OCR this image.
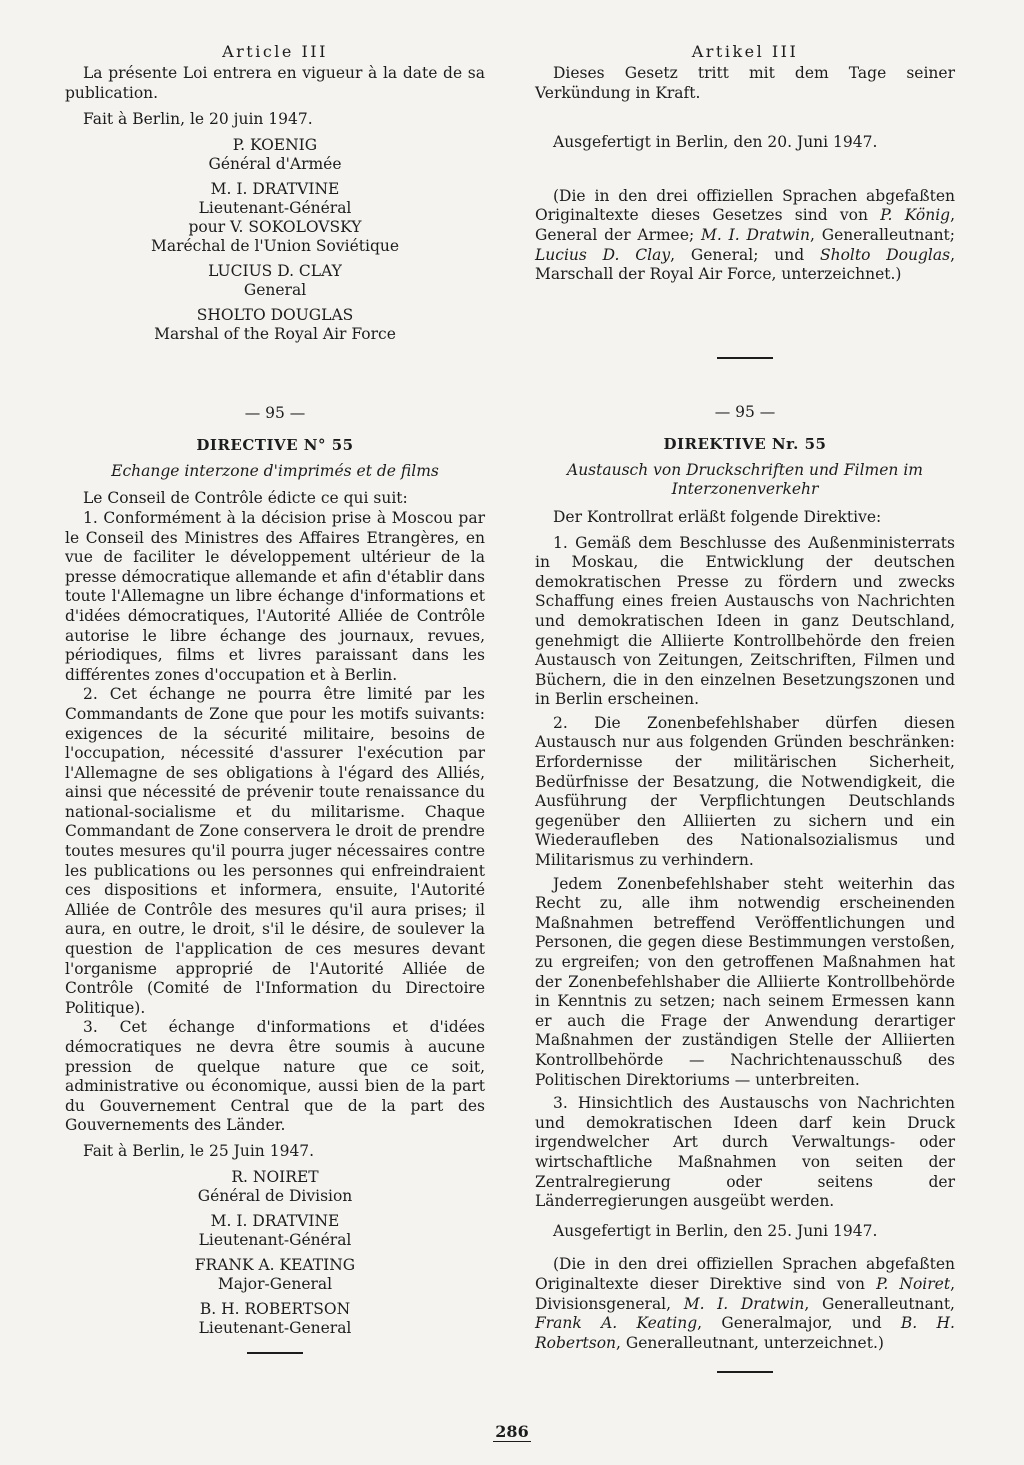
Article III

La présente Loi entrera en vigueur à la date de sa publication.

Fait à Berlin, le 20 juin 1947.

P. KOENIG
Général d'Armée
M. I. DRATVINE
Lieutenant-Général
pour V. SOKOLOVSKY
Maréchal de l'Union Soviétique
LUCIUS D. CLAY
General
SHOLTO DOUGLAS
Marshal of the Royal Air Force

— 95 —

DIRECTIVE N° 55

Echange interzone d'imprimés et de films

Le Conseil de Contrôle édicte ce qui suit:

1. Conformément à la décision prise à Moscou par le Conseil des Ministres des Affaires Etrangères, en vue de faciliter le développement ultérieur de la presse démocratique allemande et afin d'établir dans toute l'Allemagne un libre échange d'informations et d'idées démocratiques, l'Autorité Alliée de Contrôle autorise le libre échange des journaux, revues, périodiques, films et livres paraissant dans les différentes zones d'occupation et à Berlin.

2. Cet échange ne pourra être limité par les Commandants de Zone que pour les motifs suivants: exigences de la sécurité militaire, besoins de l'occupation, nécessité d'assurer l'exécution par l'Allemagne de ses obligations à l'égard des Alliés, ainsi que nécessité de prévenir toute renaissance du national-socialisme et du militarisme. Chaque Commandant de Zone conservera le droit de prendre toutes mesures qu'il pourra juger nécessaires contre les publications ou les personnes qui enfreindraient ces dispositions et informera, ensuite, l'Autorité Alliée de Contrôle des mesures qu'il aura prises; il aura, en outre, le droit, s'il le désire, de soulever la question de l'application de ces mesures devant l'organisme approprié de l'Autorité Alliée de Contrôle (Comité de l'Information du Directoire Politique).

3. Cet échange d'informations et d'idées démocratiques ne devra être soumis à aucune pression de quelque nature que ce soit, administrative ou économique, aussi bien de la part du Gouvernement Central que de la part des Gouvernements des Länder.

Fait à Berlin, le 25 Juin 1947.

R. NOIRET
Général de Division
M. I. DRATVINE
Lieutenant-Général
FRANK A. KEATING
Major-General
B. H. ROBERTSON
Lieutenant-General
Artikel III

Dieses Gesetz tritt mit dem Tage seiner Verkündung in Kraft.

Ausgefertigt in Berlin, den 20. Juni 1947.

(Die in den drei offiziellen Sprachen abgefaßten Originaltexte dieses Gesetzes sind von P. König, General der Armee; M. I. Dratwin, Generalleutnant; Lucius D. Clay, General; und Sholto Douglas, Marschall der Royal Air Force, unterzeichnet.)

— 95 —

DIREKTIVE Nr. 55

Austausch von Druckschriften und Filmen im Interzonenverkehr

Der Kontrollrat erläßt folgende Direktive:

1. Gemäß dem Beschlusse des Außenministerrats in Moskau, die Entwicklung der deutschen demokratischen Presse zu fördern und zwecks Schaffung eines freien Austauschs von Nachrichten und demokratischen Ideen in ganz Deutschland, genehmigt die Alliierte Kontrollbehörde den freien Austausch von Zeitungen, Zeitschriften, Filmen und Büchern, die in den einzelnen Besetzungszonen und in Berlin erscheinen.

2. Die Zonenbefehlshaber dürfen diesen Austausch nur aus folgenden Gründen beschränken: Erfordernisse der militärischen Sicherheit, Bedürfnisse der Besatzung, die Notwendigkeit, die Ausführung der Verpflichtungen Deutschlands gegenüber den Alliierten zu sichern und ein Wiederaufleben des Nationalsozialismus und Militarismus zu verhindern.

Jedem Zonenbefehlshaber steht weiterhin das Recht zu, alle ihm notwendig erscheinenden Maßnahmen betreffend Veröffentlichungen und Personen, die gegen diese Bestimmungen verstoßen, zu ergreifen; von den getroffenen Maßnahmen hat der Zonenbefehlshaber die Alliierte Kontrollbehörde in Kenntnis zu setzen; nach seinem Ermessen kann er auch die Frage der Anwendung derartiger Maßnahmen der zuständigen Stelle der Alliierten Kontrollbehörde — Nachrichtenausschuß des Politischen Direktoriums — unterbreiten.

3. Hinsichtlich des Austauschs von Nachrichten und demokratischen Ideen darf kein Druck irgendwelcher Art durch Verwaltungs- oder wirtschaftliche Maßnahmen von seiten der Zentralregierung oder seitens der Länderregierungen ausgeübt werden.

Ausgefertigt in Berlin, den 25. Juni 1947.

(Die in den drei offiziellen Sprachen abgefaßten Originaltexte dieser Direktive sind von P. Noiret, Divisionsgeneral, M. I. Dratwin, Generalleutnant, Frank A. Keating, Generalmajor, und B. H. Robertson, Generalleutnant, unterzeichnet.)

286
